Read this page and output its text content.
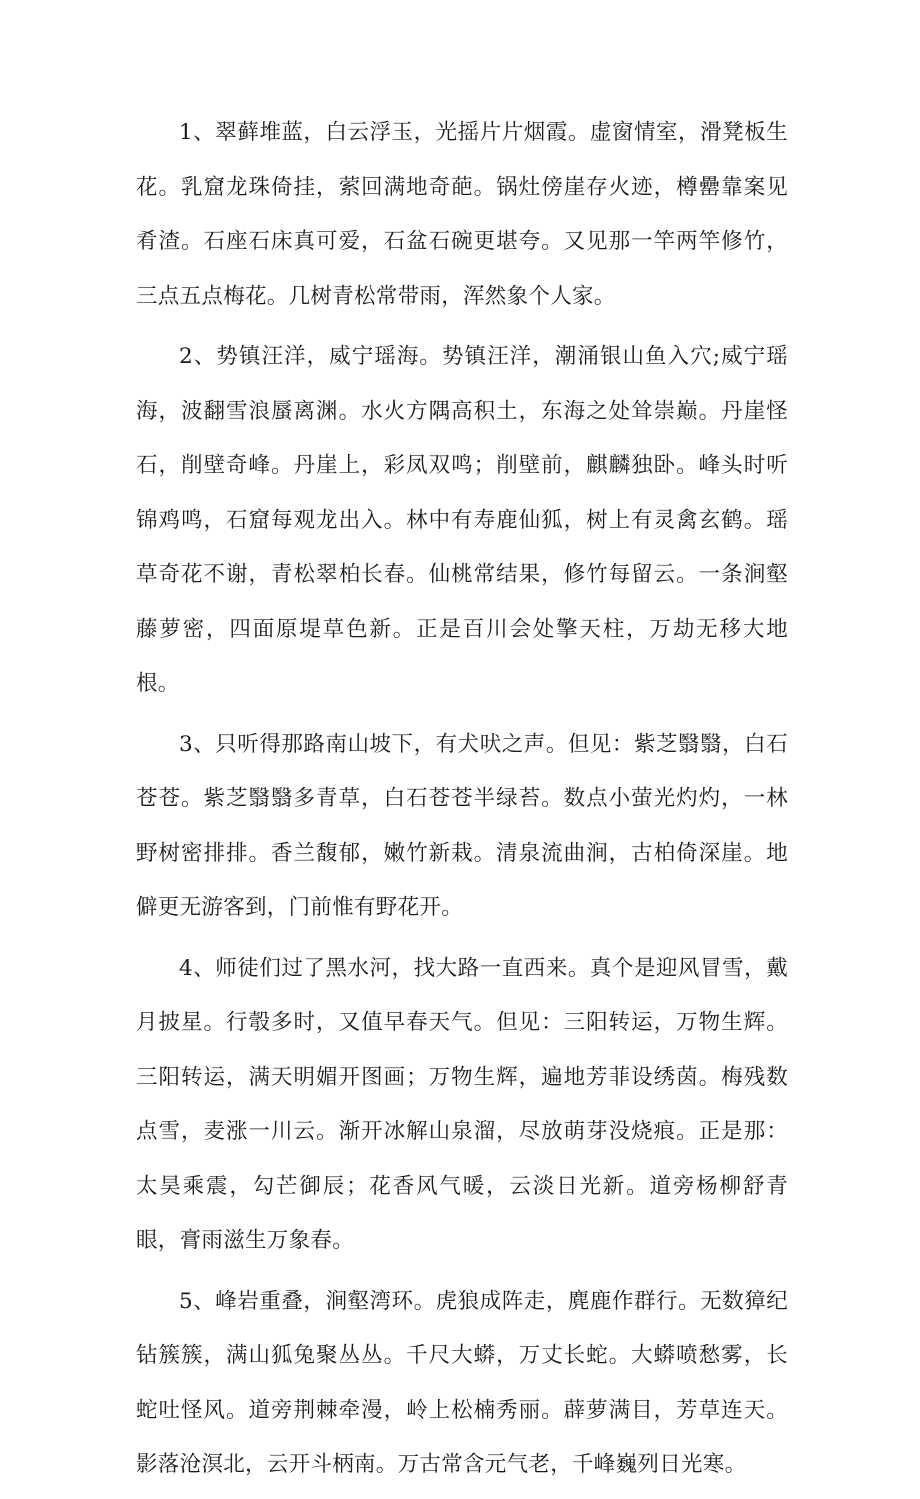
1、翠藓堆蓝，白云浮玉，光摇片片烟霞。虚窗情室，滑凳板生花。乳窟龙珠倚挂，萦回满地奇葩。锅灶傍崖存火迹，樽罍靠案见肴渣。石座石床真可爱，石盆石碗更堪夸。又见那一竿两竿修竹，三点五点梅花。几树青松常带雨，浑然象个人家。

2、势镇汪洋，威宁瑶海。势镇汪洋，潮涌银山鱼入穴;威宁瑶海，波翻雪浪蜃离渊。水火方隅高积土，东海之处耸崇巅。丹崖怪石，削壁奇峰。丹崖上，彩凤双鸣；削壁前，麒麟独卧。峰头时听锦鸡鸣，石窟每观龙出入。林中有寿鹿仙狐，树上有灵禽玄鹤。瑶草奇花不谢，青松翠柏长春。仙桃常结果，修竹每留云。一条涧壑藤萝密，四面原堤草色新。正是百川会处擎天柱，万劫无移大地根。

3、只听得那路南山坡下，有犬吠之声。但见：紫芝翳翳，白石苍苍。紫芝翳翳多青草，白石苍苍半绿苔。数点小萤光灼灼，一林野树密排排。香兰馥郁，嫩竹新栽。清泉流曲涧，古柏倚深崖。地僻更无游客到，门前惟有野花开。

4、师徒们过了黑水河，找大路一直西来。真个是迎风冒雪，戴月披星。行彀多时，又值早春天气。但见：三阳转运，万物生辉。三阳转运，满天明媚开图画；万物生辉，遍地芳菲设绣茵。梅残数点雪，麦涨一川云。渐开冰解山泉溜，尽放萌芽没烧痕。正是那：太昊乘震，勾芒御辰；花香风气暖，云淡日光新。道旁杨柳舒青眼，膏雨滋生万象春。

5、峰岩重叠，涧壑湾环。虎狼成阵走，麂鹿作群行。无数獐纪钻簇簇，满山狐兔聚丛丛。千尺大蟒，万丈长蛇。大蟒喷愁雾，长蛇吐怪风。道旁荆棘牵漫，岭上松楠秀丽。薜萝满目，芳草连天。影落沧溟北，云开斗柄南。万古常含元气老，千峰巍列日光寒。
